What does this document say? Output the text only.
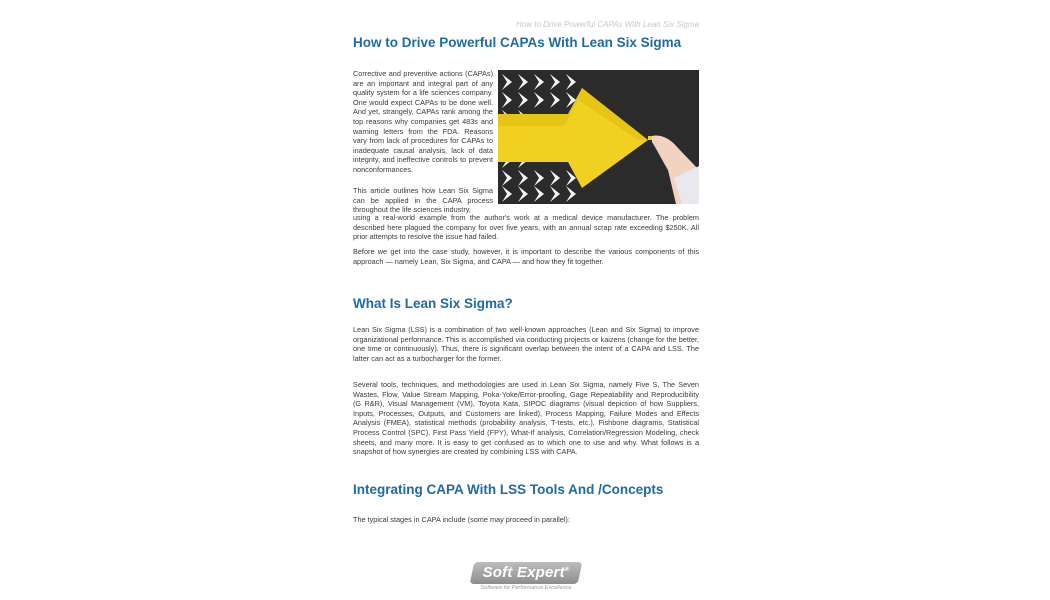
How to Drive Powerful CAPAs With Lean Six Sigma
How to Drive Powerful CAPAs With Lean Six Sigma

Corrective and preventive actions (CAPAs) are an important and integral part of any quality system for a life sciences company. One would expect CAPAs to be done well. And yet, strangely, CAPAs rank among the top reasons why companies get 483s and warning letters from the FDA. Reasons vary from lack of procedures for CAPAs to inadequate causal analysis, lack of data integrity, and ineffective controls to prevent nonconformances.

This article outlines how Lean Six Sigma can be applied in the CAPA process throughout the life sciences industry,

using a real-world example from the author's work at a medical device manufacturer. The problem described here plagued the company for over five years, with an annual scrap rate exceeding $250K. All prior attempts to resolve the issue had failed.

Before we get into the case study, however, it is important to describe the various components of this approach — namely Lean, Six Sigma, and CAPA — and how they fit together.

What Is Lean Six Sigma?

Lean Six Sigma (LSS) is a combination of two well-known approaches (Lean and Six Sigma) to improve organizational performance. This is accomplished via conducting projects or kaizens (change for the better, one time or continuously). Thus, there is significant overlap between the intent of a CAPA and LSS. The latter can act as a turbocharger for the former.

Several tools, techniques, and methodologies are used in Lean Six Sigma, namely Five S, The Seven Wastes, Flow, Value Stream Mapping, Poka-Yoke/Error-proofing, Gage Repeatability and Reproducibility (G R&R), Visual Management (VM), Toyota Kata, SIPOC diagrams (visual depiction of how Suppliers, Inputs, Processes, Outputs, and Customers are linked), Process Mapping, Failure Modes and Effects Analysis (FMEA), statistical methods (probability analysis, T-tests, etc.), Fishbone diagrams, Statistical Process Control (SPC), First Pass Yield (FPY), What-If analysis, Correlation/Regression Modeling, check sheets, and many more. It is easy to get confused as to which one to use and why. What follows is a snapshot of how synergies are created by combining LSS with CAPA.

Integrating CAPA With LSS Tools And /Concepts

The typical stages in CAPA include (some may proceed in parallel):

Soft Expert®
Software for Performance Excellence
